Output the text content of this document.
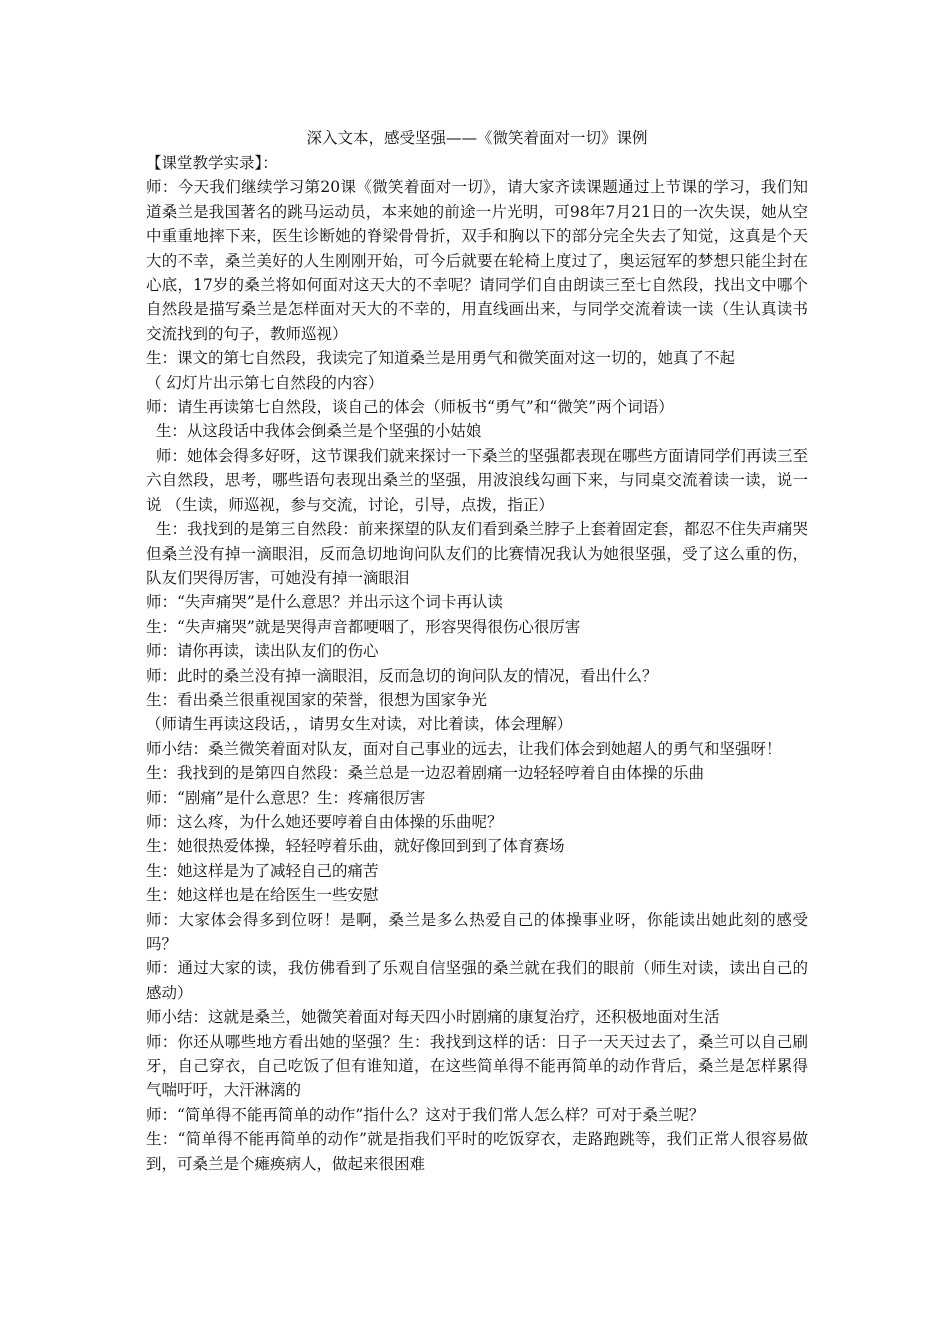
深入文本，感受坚强——《微笑着面对一切》课例

【课堂教学实录】：

师：今天我们继续学习第20课《微笑着面对一切》，请大家齐读课题通过上节课的学习，我们知道桑兰是我国著名的跳马运动员，本来她的前途一片光明，可98年7月21日的一次失误，她从空中重重地摔下来，医生诊断她的脊梁骨骨折，双手和胸以下的部分完全失去了知觉，这真是个天大的不幸，桑兰美好的人生刚刚开始，可今后就要在轮椅上度过了，奥运冠军的梦想只能尘封在心底，17岁的桑兰将如何面对这天大的不幸呢？请同学们自由朗读三至七自然段，找出文中哪个自然段是描写桑兰是怎样面对天大的不幸的，用直线画出来，与同学交流着读一读（生认真读书交流找到的句子，教师巡视）

生：课文的第七自然段，我读完了知道桑兰是用勇气和微笑面对这一切的，她真了不起

（ 幻灯片出示第七自然段的内容）

师：请生再读第七自然段，谈自己的体会（师板书“勇气”和“微笑”两个词语）

生：从这段话中我体会倒桑兰是个坚强的小姑娘

师：她体会得多好呀，这节课我们就来探讨一下桑兰的坚强都表现在哪些方面请同学们再读三至六自然段，思考，哪些语句表现出桑兰的坚强，用波浪线勾画下来，与同桌交流着读一读，说一说 （生读，师巡视，参与交流，讨论，引导，点拨，指正）

生：我找到的是第三自然段：前来探望的队友们看到桑兰脖子上套着固定套，都忍不住失声痛哭但桑兰没有掉一滴眼泪，反而急切地询问队友们的比赛情况我认为她很坚强，受了这么重的伤，队友们哭得厉害，可她没有掉一滴眼泪

师：“失声痛哭”是什么意思？并出示这个词卡再认读

生：“失声痛哭”就是哭得声音都哽咽了，形容哭得很伤心很厉害

师：请你再读，读出队友们的伤心

师：此时的桑兰没有掉一滴眼泪，反而急切的询问队友的情况，看出什么？

生：看出桑兰很重视国家的荣誉，很想为国家争光

（师请生再读这段话，，请男女生对读，对比着读，体会理解）

师小结：桑兰微笑着面对队友，面对自己事业的远去，让我们体会到她超人的勇气和坚强呀！

生：我找到的是第四自然段：桑兰总是一边忍着剧痛一边轻轻哼着自由体操的乐曲

师：“剧痛”是什么意思？生：疼痛很厉害

师：这么疼，为什么她还要哼着自由体操的乐曲呢？

生：她很热爱体操，轻轻哼着乐曲，就好像回到到了体育赛场

生：她这样是为了减轻自己的痛苦

生：她这样也是在给医生一些安慰

师：大家体会得多到位呀！是啊，桑兰是多么热爱自己的体操事业呀，你能读出她此刻的感受吗？

师：通过大家的读，我仿佛看到了乐观自信坚强的桑兰就在我们的眼前（师生对读，读出自己的感动）

师小结：这就是桑兰，她微笑着面对每天四小时剧痛的康复治疗，还积极地面对生活

师：你还从哪些地方看出她的坚强？生：我找到这样的话：日子一天天过去了，桑兰可以自己刷牙，自己穿衣，自己吃饭了但有谁知道，在这些简单得不能再简单的动作背后，桑兰是怎样累得气喘吁吁，大汗淋漓的

师：“简单得不能再简单的动作”指什么？这对于我们常人怎么样？可对于桑兰呢？

生：“简单得不能再简单的动作”就是指我们平时的吃饭穿衣，走路跑跳等，我们正常人很容易做到，可桑兰是个瘫痪病人，做起来很困难
